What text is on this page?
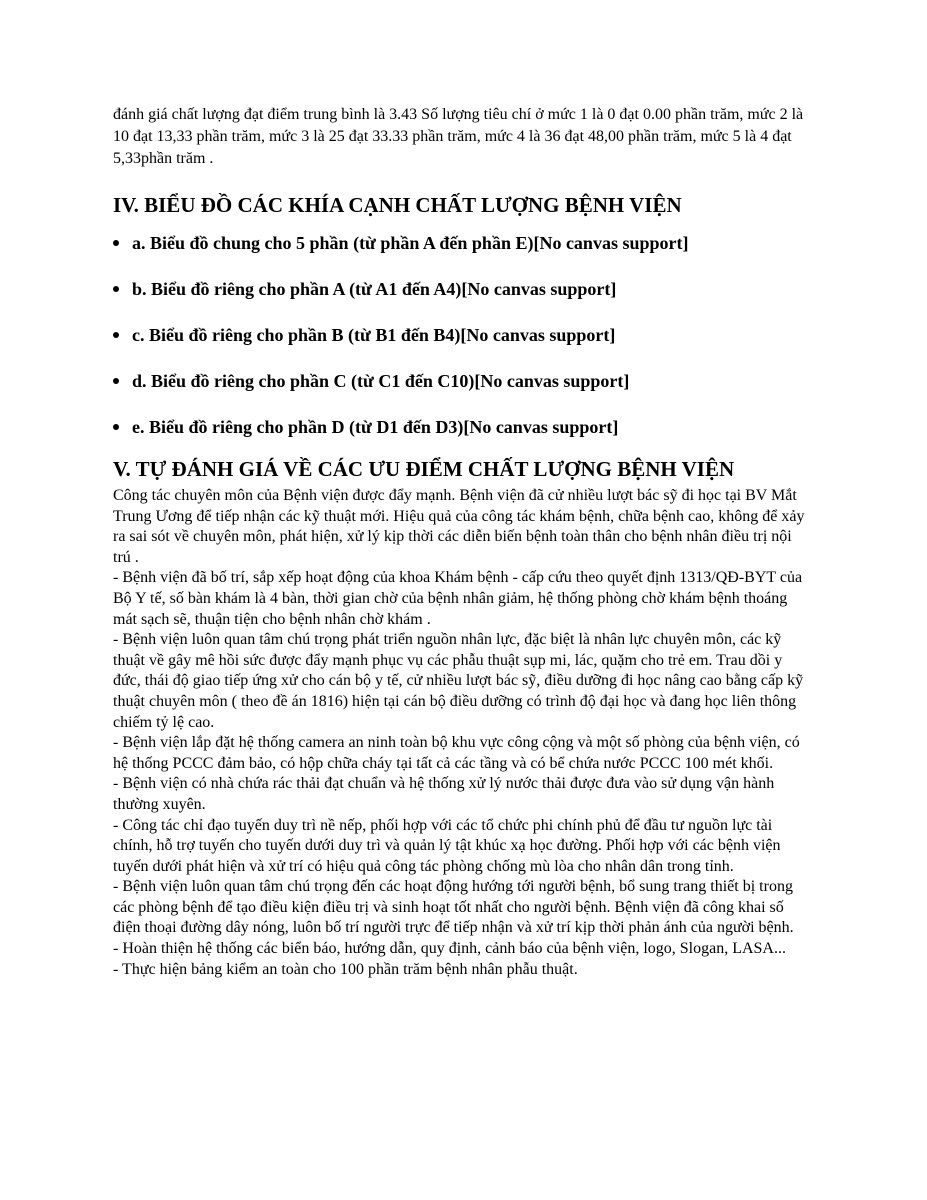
đánh giá chất lượng đạt điểm trung bình là 3.43 Số lượng tiêu chí ở mức 1 là 0 đạt 0.00 phần trăm, mức 2 là 10 đạt 13,33 phần trăm, mức 3 là 25 đạt 33.33 phần trăm, mức 4 là 36 đạt 48,00 phần trăm, mức 5 là 4 đạt 5,33phần trăm .

IV. BIỂU ĐỒ CÁC KHÍA CẠNH CHẤT LƯỢNG BỆNH VIỆN
a. Biểu đồ chung cho 5 phần (từ phần A đến phần E)[No canvas support]
b. Biểu đồ riêng cho phần A (từ A1 đến A4)[No canvas support]
c. Biểu đồ riêng cho phần B (từ B1 đến B4)[No canvas support]
d. Biểu đồ riêng cho phần C (từ C1 đến C10)[No canvas support]
e. Biểu đồ riêng cho phần D (từ D1 đến D3)[No canvas support]
V. TỰ ĐÁNH GIÁ VỀ CÁC ƯU ĐIỂM CHẤT LƯỢNG BỆNH VIỆN

Công tác chuyên môn của Bệnh viện được đẩy mạnh. Bệnh viện đã cử nhiều lượt bác sỹ đi học tại BV Mắt Trung Ương để tiếp nhận các kỹ thuật mới. Hiệu quả của công tác khám bệnh, chữa bệnh cao, không để xảy ra sai sót về chuyên môn, phát hiện, xử lý kịp thời các diễn biến bệnh toàn thân cho bệnh nhân điều trị nội trú .

- Bệnh viện đã bố trí, sắp xếp hoạt động của khoa Khám bệnh - cấp cứu theo quyết định 1313/QĐ-BYT của Bộ Y tế, số bàn khám là 4 bàn, thời gian chờ của bệnh nhân giảm, hệ thống phòng chờ khám bệnh thoáng mát sạch sẽ, thuận tiện cho bệnh nhân chờ khám .

- Bệnh viện luôn quan tâm chú trọng phát triển nguồn nhân lực, đặc biệt là nhân lực chuyên môn, các kỹ thuật về gây mê hồi sức được đẩy mạnh phục vụ các phẫu thuật sụp mi, lác, quặm cho trẻ em. Trau dồi y đức, thái độ giao tiếp ứng xử cho cán bộ y tế, cử nhiều lượt bác sỹ, điều dưỡng đi học nâng cao bằng cấp kỹ thuật chuyên môn ( theo đề án 1816) hiện tại cán bộ điều dưỡng có trình độ đại học và đang học liên thông chiếm tỷ lệ cao.

- Bệnh viện lắp đặt hệ thống camera an ninh toàn bộ khu vực công cộng và một số phòng của bệnh viện, có hệ thống PCCC đảm bảo, có hộp chữa cháy tại tất cả các tầng và có bể chứa nước PCCC 100 mét khối.

- Bệnh viện có nhà chứa rác thải đạt chuẩn và hệ thống xử lý nước thải được đưa vào sử dụng vận hành thường xuyên.

- Công tác chỉ đạo tuyến duy trì nề nếp, phối hợp với các tổ chức phi chính phủ để đầu tư nguồn lực tài chính, hỗ trợ tuyến cho tuyến dưới duy trì và quản lý tật khúc xạ học đường. Phối hợp với các bệnh viện tuyến dưới phát hiện và xử trí có hiệu quả công tác phòng chống mù lòa cho nhân dân trong tỉnh.

- Bệnh viện luôn quan tâm chú trọng đến các hoạt động hướng tới người bệnh, bổ sung trang thiết bị trong các phòng bệnh để tạo điều kiện điều trị và sinh hoạt tốt nhất cho người bệnh. Bệnh viện đã công khai số điện thoại đường dây nóng, luôn bố trí người trực để tiếp nhận và xử trí kịp thời phản ánh của người bệnh.

- Hoàn thiện hệ thống các biển báo, hướng dẫn, quy định, cảnh báo của bệnh viện, logo, Slogan, LASA...

- Thực hiện bảng kiểm an toàn cho 100 phần trăm bệnh nhân phẫu thuật.
